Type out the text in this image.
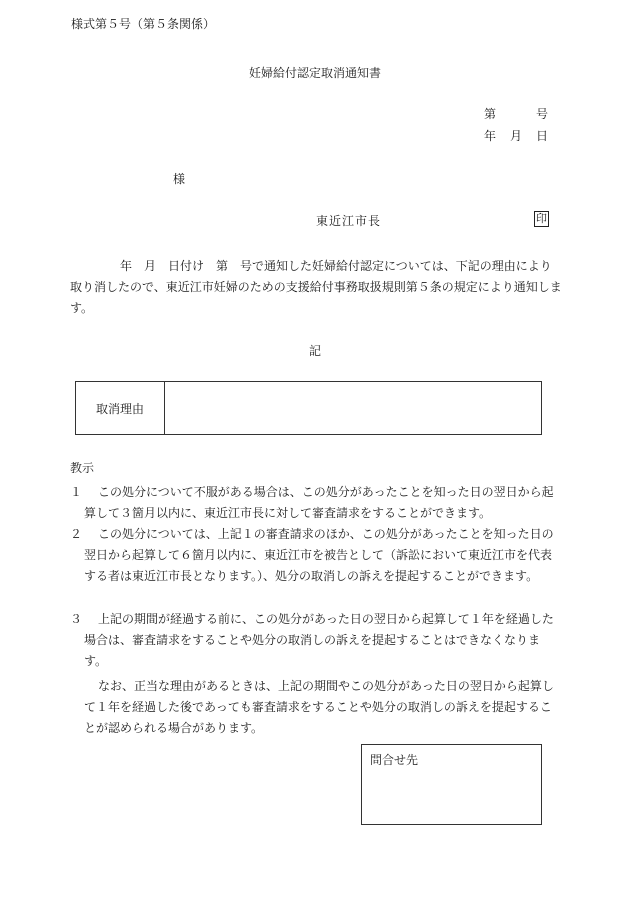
様式第５号（第５条関係）
妊婦給付認定取消通知書
第	号
年 月 日
様
東近江市長	印
年　月　日付け　第　号で通知した妊婦給付認定については、下記の理由により取り消したので、東近江市妊婦のための支援給付事務取扱規則第５条の規定により通知します。
記
取消理由
教示
１	この処分について不服がある場合は、この処分があったことを知った日の翌日から起算して３箇月以内に、東近江市長に対して審査請求をすることができます。
２	この処分については、上記１の審査請求のほか、この処分があったことを知った日の翌日から起算して６箇月以内に、東近江市を被告として（訴訟において東近江市を代表する者は東近江市長となります。）、処分の取消しの訴えを提起することができます。
３	上記の期間が経過する前に、この処分があった日の翌日から起算して１年を経過した場合は、審査請求をすることや処分の取消しの訴えを提起することはできなくなります。
なお、正当な理由があるときは、上記の期間やこの処分があった日の翌日から起算して１年を経過した後であっても審査請求をすることや処分の取消しの訴えを提起することが認められる場合があります。
問合せ先
